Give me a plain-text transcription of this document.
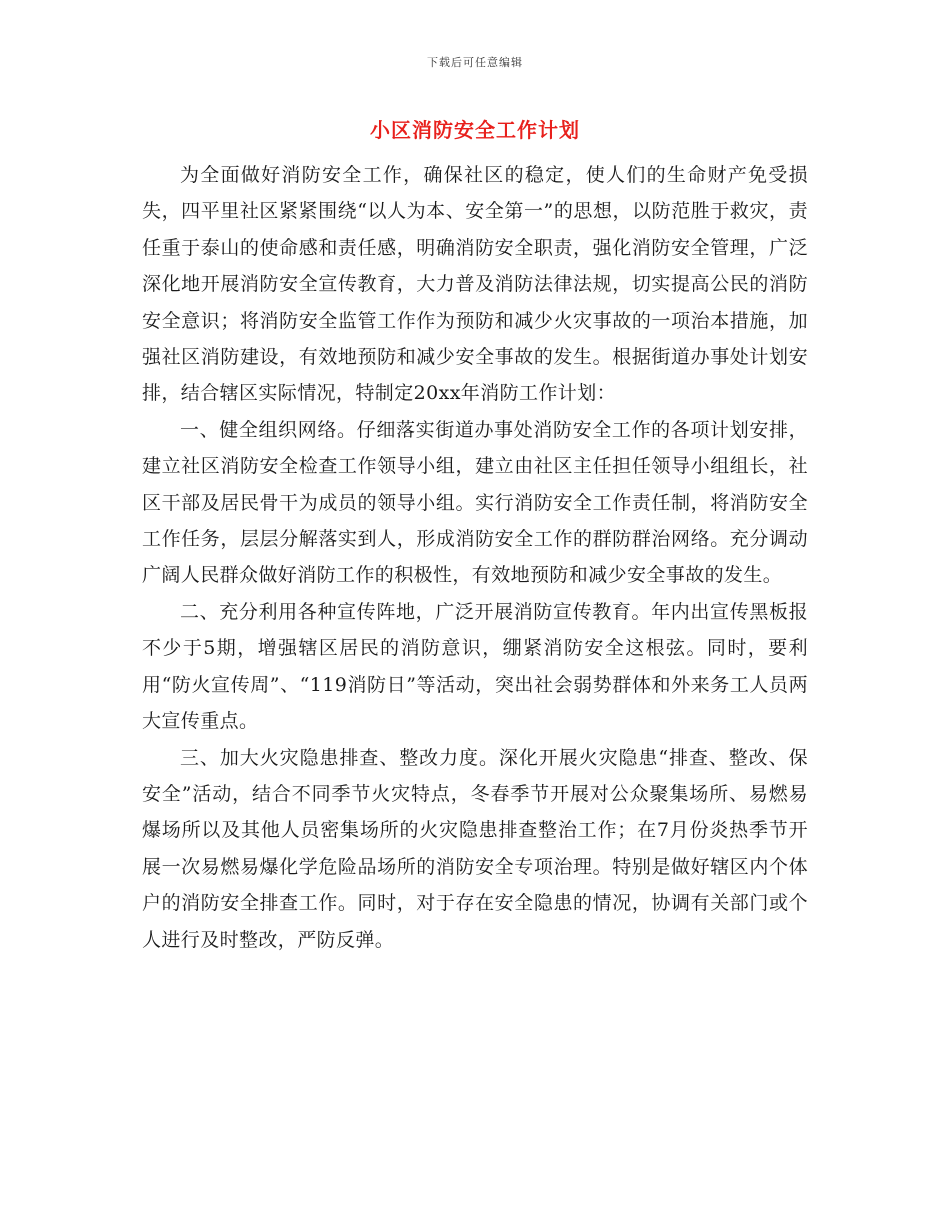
下载后可任意编辑
小区消防安全工作计划

为全面做好消防安全工作，确保社区的稳定，使人们的生命财产免受损失，四平里社区紧紧围绕“以人为本、安全第一”的思想，以防范胜于救灾，责任重于泰山的使命感和责任感，明确消防安全职责，强化消防安全管理，广泛深化地开展消防安全宣传教育，大力普及消防法律法规，切实提高公民的消防安全意识；将消防安全监管工作作为预防和减少火灾事故的一项治本措施，加强社区消防建设，有效地预防和减少安全事故的发生。根据街道办事处计划安排，结合辖区实际情况，特制定20xx年消防工作计划：

一、健全组织网络。仔细落实街道办事处消防安全工作的各项计划安排，建立社区消防安全检查工作领导小组，建立由社区主任担任领导小组组长，社区干部及居民骨干为成员的领导小组。实行消防安全工作责任制，将消防安全工作任务，层层分解落实到人，形成消防安全工作的群防群治网络。充分调动广阔人民群众做好消防工作的积极性，有效地预防和减少安全事故的发生。

二、充分利用各种宣传阵地，广泛开展消防宣传教育。年内出宣传黑板报不少于5期，增强辖区居民的消防意识，绷紧消防安全这根弦。同时，要利用“防火宣传周”、“119消防日”等活动，突出社会弱势群体和外来务工人员两大宣传重点。

三、加大火灾隐患排查、整改力度。深化开展火灾隐患“排查、整改、保安全”活动，结合不同季节火灾特点，冬春季节开展对公众聚集场所、易燃易爆场所以及其他人员密集场所的火灾隐患排查整治工作；在7月份炎热季节开展一次易燃易爆化学危险品场所的消防安全专项治理。特别是做好辖区内个体户的消防安全排查工作。同时，对于存在安全隐患的情况，协调有关部门或个人进行及时整改，严防反弹。
